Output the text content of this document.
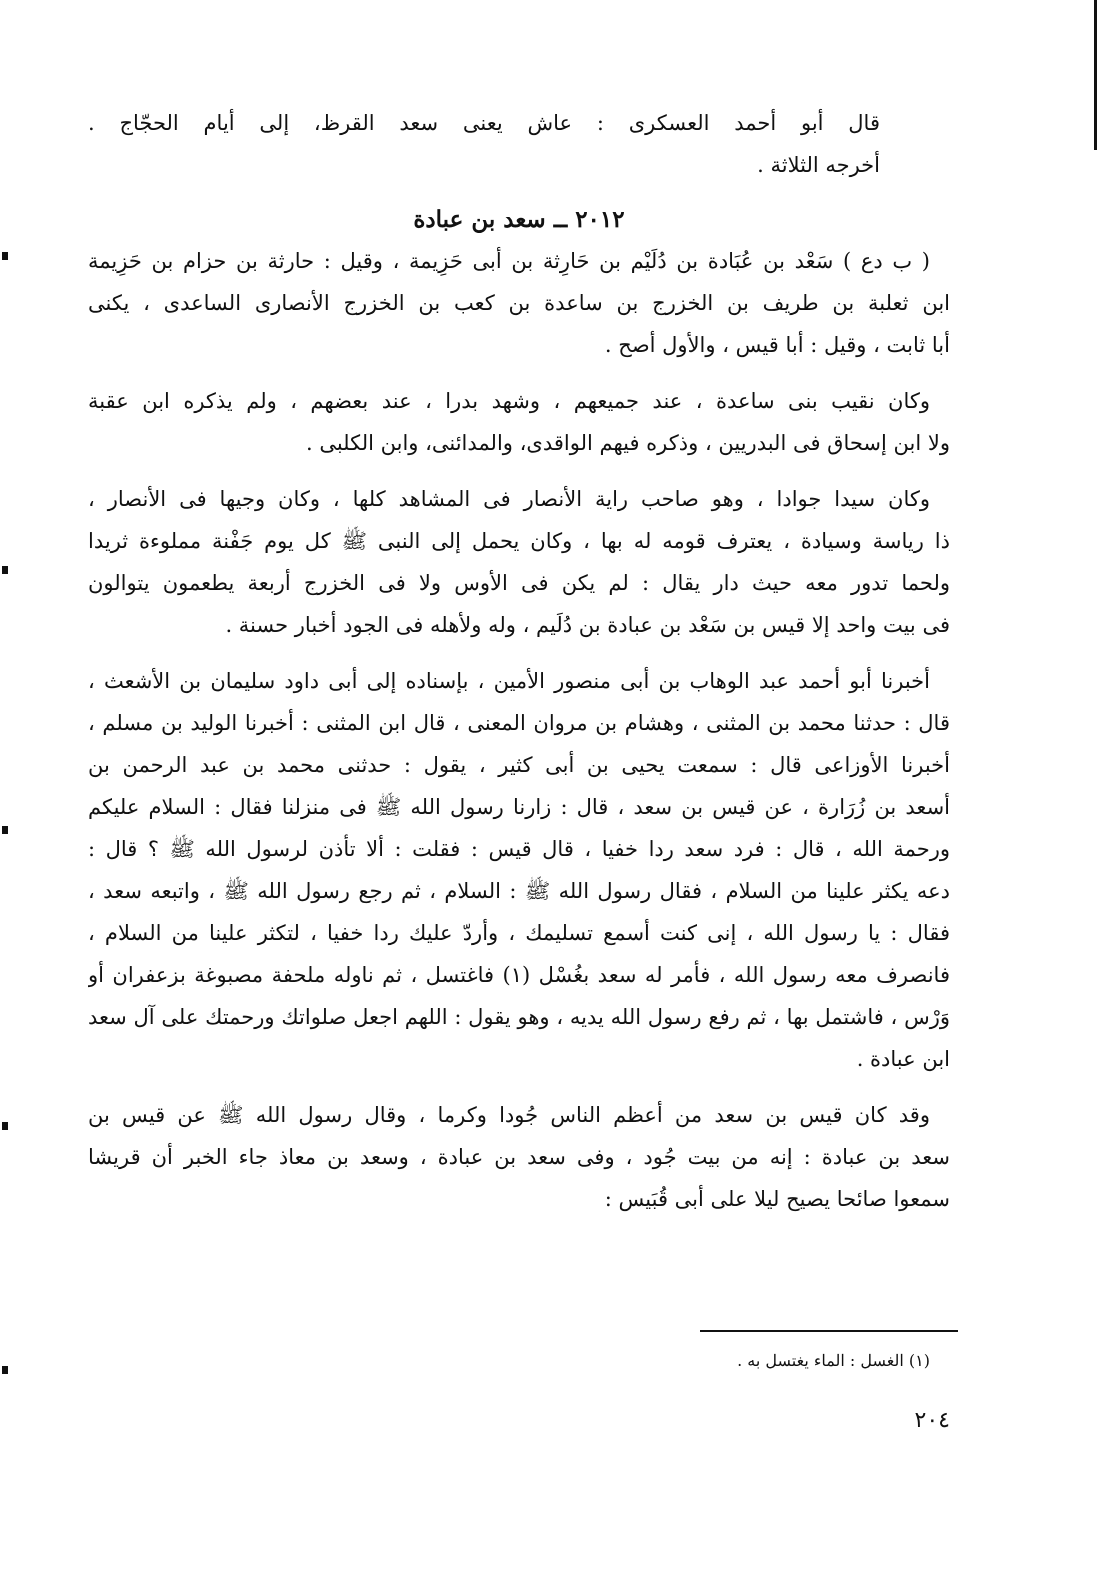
قال أبو أحمد العسكرى : عاش يعنى سعد القرظ، إلى أيام الحجّاج .
أخرجه الثلاثة .
٢٠١٢ ــ سعد بن عبادة
( ب دع ) سَعْد بن عُبَادة بن دُلَيْم بن حَارِثة بن أبى حَزِيمة ، وقيل : حارثة بن حزام بن حَزِيمة
ابن ثعلبة بن طريف بن الخزرج بن ساعدة بن كعب بن الخزرج الأنصارى الساعدى ، يكنى
أبا ثابت ، وقيل : أبا قيس ، والأول أصح .
وكان نقيب بنى ساعدة ، عند جميعهم ، وشهد بدرا ، عند بعضهم ، ولم يذكره ابن عقبة
ولا ابن إسحاق فى البدريين ، وذكره فيهم الواقدى، والمدائنى، وابن الكلبى .
وكان سيدا جوادا ، وهو صاحب راية الأنصار فى المشاهد كلها ، وكان وجيها فى الأنصار ،
ذا رياسة وسيادة ، يعترف قومه له بها ، وكان يحمل إلى النبى ﷺ كل يوم جَفْنة مملوءة ثريدا
ولحما تدور معه حيث دار يقال : لم يكن فى الأوس ولا فى الخزرج أربعة يطعمون يتوالون
فى بيت واحد إلا قيس بن سَعْد بن عبادة بن دُلَيم ، وله ولأهله فى الجود أخبار حسنة .
أخبرنا أبو أحمد عبد الوهاب بن أبى منصور الأمين ، بإسناده إلى أبى داود سليمان بن الأشعث ،
قال : حدثنا محمد بن المثنى ، وهشام بن مروان المعنى ، قال ابن المثنى : أخبرنا الوليد بن مسلم ،
أخبرنا الأوزاعى قال : سمعت يحيى بن أبى كثير ، يقول : حدثنى محمد بن عبد الرحمن بن
أسعد بن زُرَارة ، عن قيس بن سعد ، قال : زارنا رسول الله ﷺ فى منزلنا فقال : السلام عليكم
ورحمة الله ، قال : فرد سعد ردا خفيا ، قال قيس : فقلت : ألا تأذن لرسول الله ﷺ ؟ قال :
دعه يكثر علينا من السلام ، فقال رسول الله ﷺ : السلام ، ثم رجع رسول الله ﷺ ، واتبعه سعد ،
فقال : يا رسول الله ، إنى كنت أسمع تسليمك ، وأردّ عليك ردا خفيا ، لتكثر علينا من السلام ،
فانصرف معه رسول الله ، فأمر له سعد بغُسْل (١) فاغتسل ، ثم ناوله ملحفة مصبوغة بزعفران أو
وَرْس ، فاشتمل بها ، ثم رفع رسول الله يديه ، وهو يقول : اللهم اجعل صلواتك ورحمتك على آل سعد
ابن عبادة .
وقد كان قيس بن سعد من أعظم الناس جُودا وكرما ، وقال رسول الله ﷺ عن قيس بن
سعد بن عبادة : إنه من بيت جُود ، وفى سعد بن عبادة ، وسعد بن معاذ جاء الخبر أن قريشا
سمعوا صائحا يصيح ليلا على أبى قُبَيس :
(١) الغسل : الماء يغتسل به .
٢٠٤
